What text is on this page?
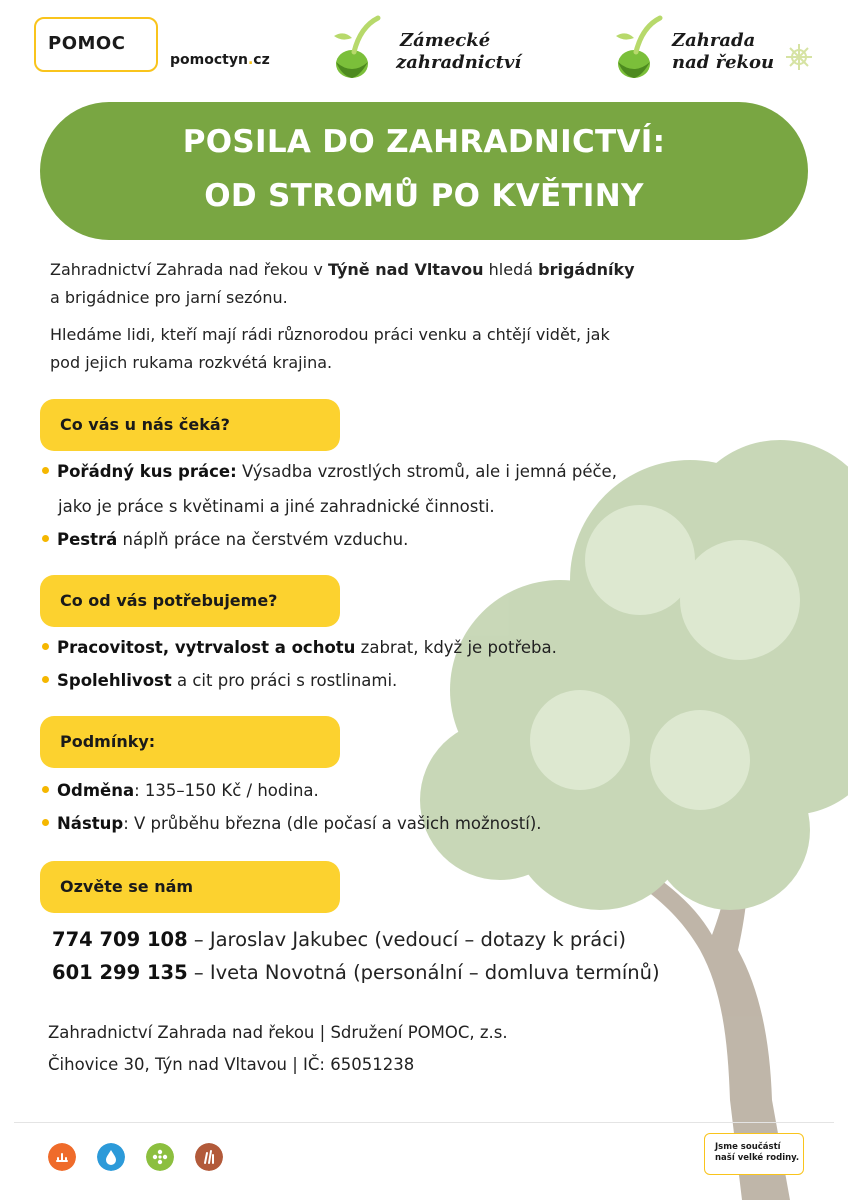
POMOC
pomoctyn.cz
Zámecké
zahradnictví
Zahrada
nad řekou
POSILA DO ZAHRADNICTVÍ:
OD STROMŮ PO KVĚTINY
Zahradnictví Zahrada nad řekou v Týně nad Vltavou hledá brigádníky
a brigádnice pro jarní sezónu.
Hledáme lidi, kteří mají rádi různorodou práci venku a chtějí vidět, jak
pod jejich rukama rozkvétá krajina.
Co vás u nás čeká?
Pořádný kus práce: Výsadba vzrostlých stromů, ale i jemná péče,
jako je práce s květinami a jiné zahradnické činnosti.
Pestrá náplň práce na čerstvém vzduchu.
Co od vás potřebujeme?
Pracovitost, vytrvalost a ochotu zabrat, když je potřeba.
Spolehlivost a cit pro práci s rostlinami.
Podmínky:
Odměna: 135–150 Kč / hodina.
Nástup: V průběhu března (dle počasí a vašich možností).
Ozvěte se nám
774 709 108 – Jaroslav Jakubec (vedoucí – dotazy k práci)
601 299 135 – Iveta Novotná (personální – domluva termínů)
Zahradnictví Zahrada nad řekou | Sdružení POMOC, z.s.
Čihovice 30, Týn nad Vltavou | IČ: 65051238
Jsme součástí
naší velké rodiny.
